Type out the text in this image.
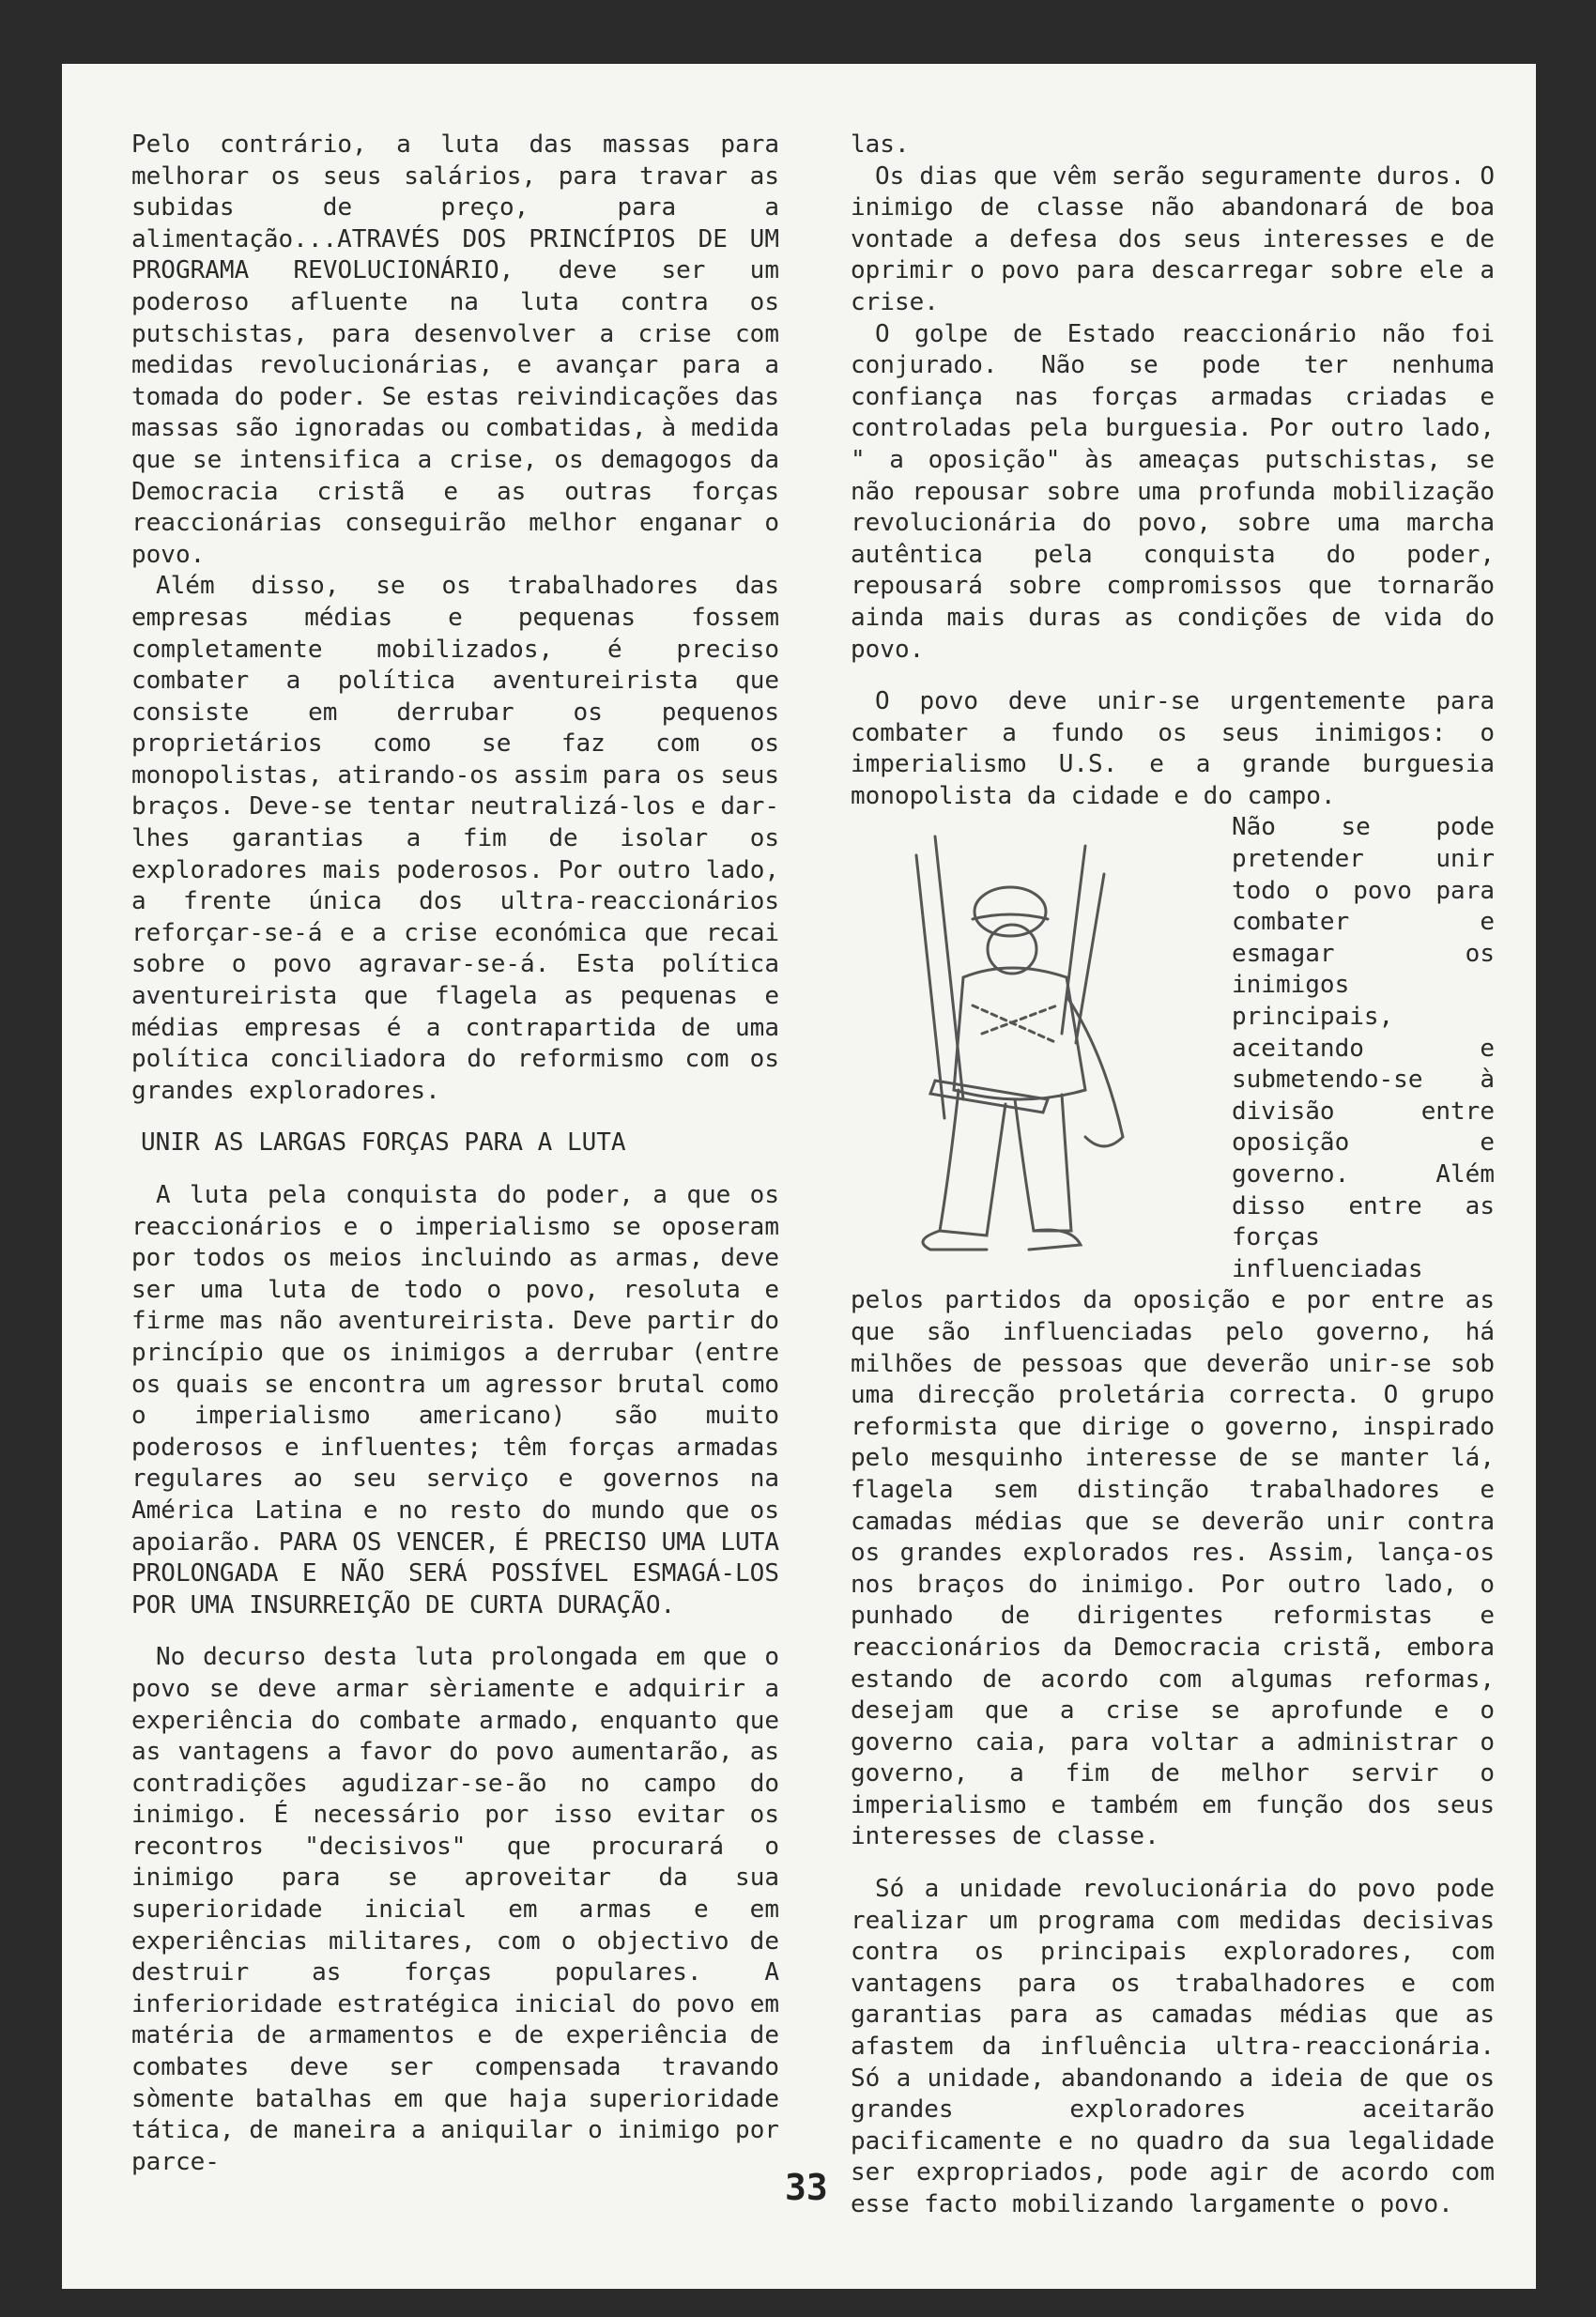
Pelo contrário, a luta das massas para melhorar os seus salários, para travar as subidas de preço, para a alimentação...ATRAVÉS DOS PRINCÍPIOS DE UM PROGRAMA REVOLUCIONÁRIO, deve ser um poderoso afluente na luta contra os putschistas, para desenvolver a crise com medidas revolucionárias, e avançar para a tomada do poder. Se estas reivindicações das massas são ignoradas ou combatidas, à medida que se intensifica a crise, os demagogos da Democracia cristã e as outras forças reaccionárias conseguirão melhor enganar o povo.

Além disso, se os trabalhadores das empresas médias e pequenas fossem completamente mobilizados, é preciso combater a política aventureirista que consiste em derrubar os pequenos proprietários como se faz com os monopolistas, atirando-os assim para os seus braços. Deve-se tentar neutralizá-los e dar-lhes garantias a fim de isolar os exploradores mais poderosos. Por outro lado, a frente única dos ultra-reaccionários reforçar-se-á e a crise económica que recai sobre o povo agravar-se-á. Esta política aventureirista que flagela as pequenas e médias empresas é a contrapartida de uma política conciliadora do reformismo com os grandes exploradores.

UNIR AS LARGAS FORÇAS PARA A LUTA

A luta pela conquista do poder, a que os reaccionários e o imperialismo se oposeram por todos os meios incluindo as armas, deve ser uma luta de todo o povo, resoluta e firme mas não aventureirista. Deve partir do princípio que os inimigos a derrubar (entre os quais se encontra um agressor brutal como o imperialismo americano) são muito poderosos e influentes; têm forças armadas regulares ao seu serviço e governos na América Latina e no resto do mundo que os apoiarão. PARA OS VENCER, É PRECISO UMA LUTA PROLONGADA E NÃO SERÁ POSSÍVEL ESMAGÁ-LOS POR UMA INSURREIÇÃO DE CURTA DURAÇÃO.

No decurso desta luta prolongada em que o povo se deve armar sèriamente e adquirir a experiência do combate armado, enquanto que as vantagens a favor do povo aumentarão, as contradições agudizar-se-ão no campo do inimigo. É necessário por isso evitar os recontros "decisivos" que procurará o inimigo para se aproveitar da sua superioridade inicial em armas e em experiências militares, com o objectivo de destruir as forças populares. A inferioridade estratégica inicial do povo em matéria de armamentos e de experiência de combates deve ser compensada travando sòmente batalhas em que haja superioridade tática, de maneira a aniquilar o inimigo por parce-

las.

Os dias que vêm serão seguramente duros. O inimigo de classe não abandonará de boa vontade a defesa dos seus interesses e de oprimir o povo para descarregar sobre ele a crise.

O golpe de Estado reaccionário não foi conjurado. Não se pode ter nenhuma confiança nas forças armadas criadas e controladas pela burguesia. Por outro lado, " a oposição" às ameaças putschistas, se não repousar sobre uma profunda mobilização revolucionária do povo, sobre uma marcha autêntica pela conquista do poder, repousará sobre compromissos que tornarão ainda mais duras as condições de vida do povo.

O povo deve unir-se urgentemente para combater a fundo os seus inimigos: o imperialismo U.S. e a grande burguesia monopolista da cidade e do campo.

Não se pode pretender unir todo o povo para combater e esmagar os inimigos principais, aceitando e submetendo-se à divisão entre oposição e governo. Além disso entre as forças influenciadas pelos partidos da oposição e por entre as que são influenciadas pelo governo, há milhões de pessoas que deverão unir-se sob uma direcção proletária correcta. O grupo reformista que dirige o governo, inspirado pelo mesquinho interesse de se manter lá, flagela sem distinção trabalhadores e camadas médias que se deverão unir contra os grandes explorados res. Assim, lança-os nos braços do inimigo. Por outro lado, o punhado de dirigentes reformistas e reaccionários da Democracia cristã, embora estando de acordo com algumas reformas, desejam que a crise se aprofunde e o governo caia, para voltar a administrar o governo, a fim de melhor servir o imperialismo e também em função dos seus interesses de classe.

Só a unidade revolucionária do povo pode realizar um programa com medidas decisivas contra os principais exploradores, com vantagens para os trabalhadores e com garantias para as camadas médias que as afastem da influência ultra-reaccionária. Só a unidade, abandonando a ideia de que os grandes exploradores aceitarão pacificamente e no quadro da sua legalidade ser expropriados, pode agir de acordo com esse facto mobilizando largamente o povo.

33
